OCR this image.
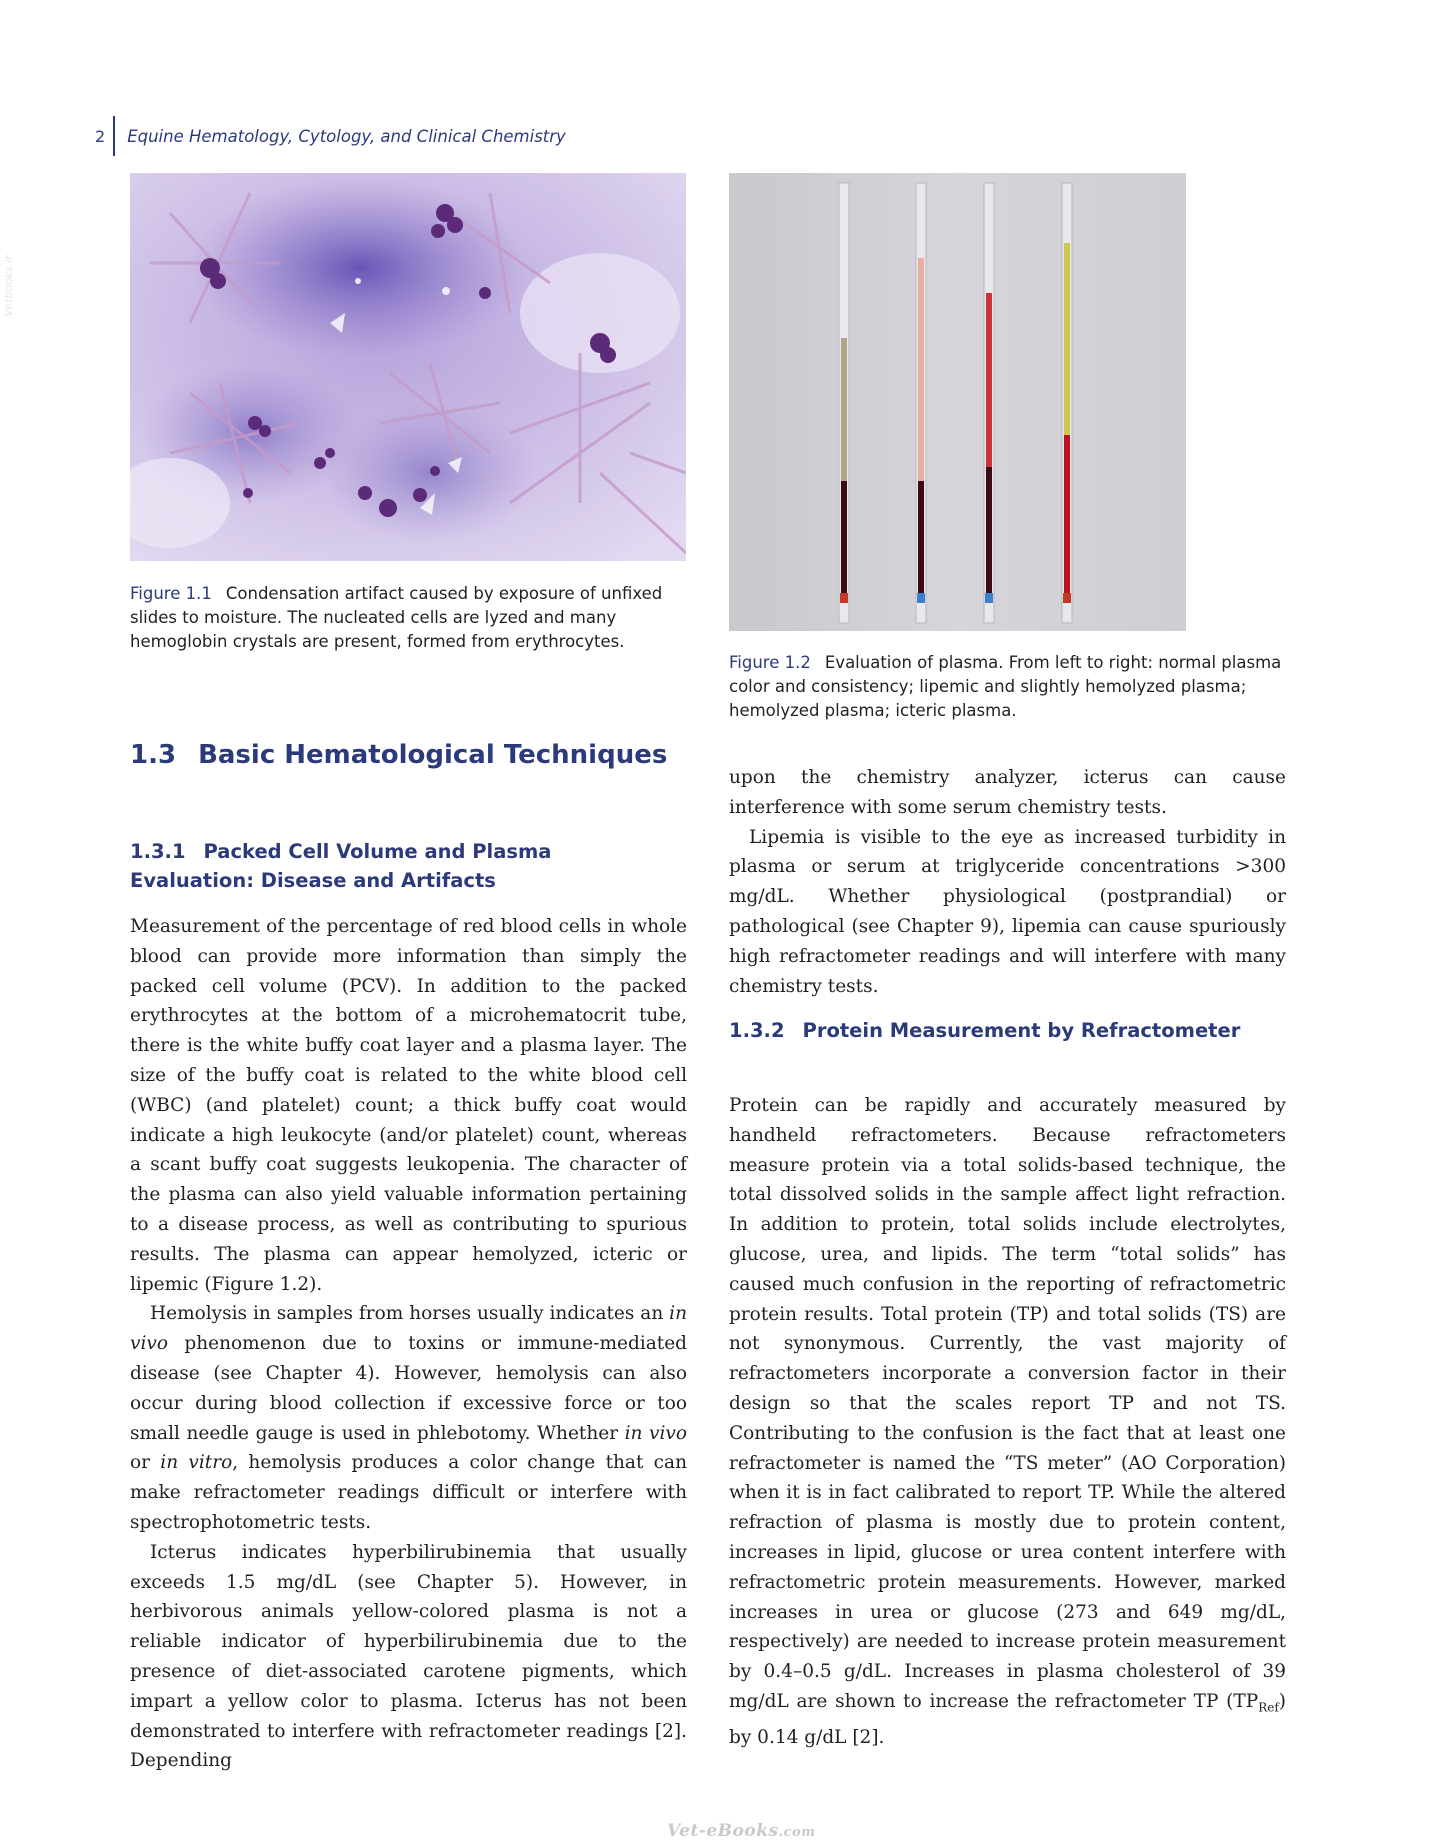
2	Equine Hematology, Cytology, and Clinical Chemistry
Vetbooks.ir
Figure 1.1 Condensation artifact caused by exposure of unfixed slides to moisture. The nucleated cells are lyzed and many hemoglobin crystals are present, formed from erythrocytes.
Figure 1.2 Evaluation of plasma. From left to right: normal plasma color and consistency; lipemic and slightly hemolyzed plasma; hemolyzed plasma; icteric plasma.
1.3 Basic Hematological Techniques
1.3.1 Packed Cell Volume and Plasma Evaluation: Disease and Artifacts

Measurement of the percentage of red blood cells in whole blood can provide more information than simply the packed cell volume (PCV). In addition to the packed erythrocytes at the bottom of a microhematocrit tube, there is the white buffy coat layer and a plasma layer. The size of the buffy coat is related to the white blood cell (WBC) (and platelet) count; a thick buffy coat would indicate a high leukocyte (and/or platelet) count, whereas a scant buffy coat suggests leukopenia. The character of the plasma can also yield valuable information pertaining to a disease process, as well as contributing to spurious results. The plasma can appear hemolyzed, icteric or lipemic (Figure 1.2).

Hemolysis in samples from horses usually indicates an in vivo phenomenon due to toxins or immune-mediated disease (see Chapter 4). However, hemolysis can also occur during blood collection if excessive force or too small needle gauge is used in phlebotomy. Whether in vivo or in vitro, hemolysis produces a color change that can make refractometer readings difficult or interfere with spectrophotometric tests.

Icterus indicates hyperbilirubinemia that usually exceeds 1.5 mg/dL (see Chapter 5). However, in herbivorous animals yellow-colored plasma is not a reliable indicator of hyperbilirubinemia due to the presence of diet-associated carotene pigments, which impart a yellow color to plasma. Icterus has not been demonstrated to interfere with refractometer readings [2]. Depending

upon the chemistry analyzer, icterus can cause interference with some serum chemistry tests.

Lipemia is visible to the eye as increased turbidity in plasma or serum at triglyceride concentrations >300 mg/dL. Whether physiological (postprandial) or pathological (see Chapter 9), lipemia can cause spuriously high refractometer readings and will interfere with many chemistry tests.

1.3.2 Protein Measurement by Refractometer

Protein can be rapidly and accurately measured by handheld refractometers. Because refractometers measure protein via a total solids-based technique, the total dissolved solids in the sample affect light refraction. In addition to protein, total solids include electrolytes, glucose, urea, and lipids. The term “total solids” has caused much confusion in the reporting of refractometric protein results. Total protein (TP) and total solids (TS) are not synonymous. Currently, the vast majority of refractometers incorporate a conversion factor in their design so that the scales report TP and not TS. Contributing to the confusion is the fact that at least one refractometer is named the “TS meter” (AO Corporation) when it is in fact calibrated to report TP. While the altered refraction of plasma is mostly due to protein content, increases in lipid, glucose or urea content interfere with refractometric protein measurements. However, marked increases in urea or glucose (273 and 649 mg/dL, respectively) are needed to increase protein measurement by 0.4–0.5 g/dL. Increases in plasma cholesterol of 39 mg/dL are shown to increase the refractometer TP $(TP_{Ref})$ by 0.14 g/dL [2].

Vet-eBooks.com
